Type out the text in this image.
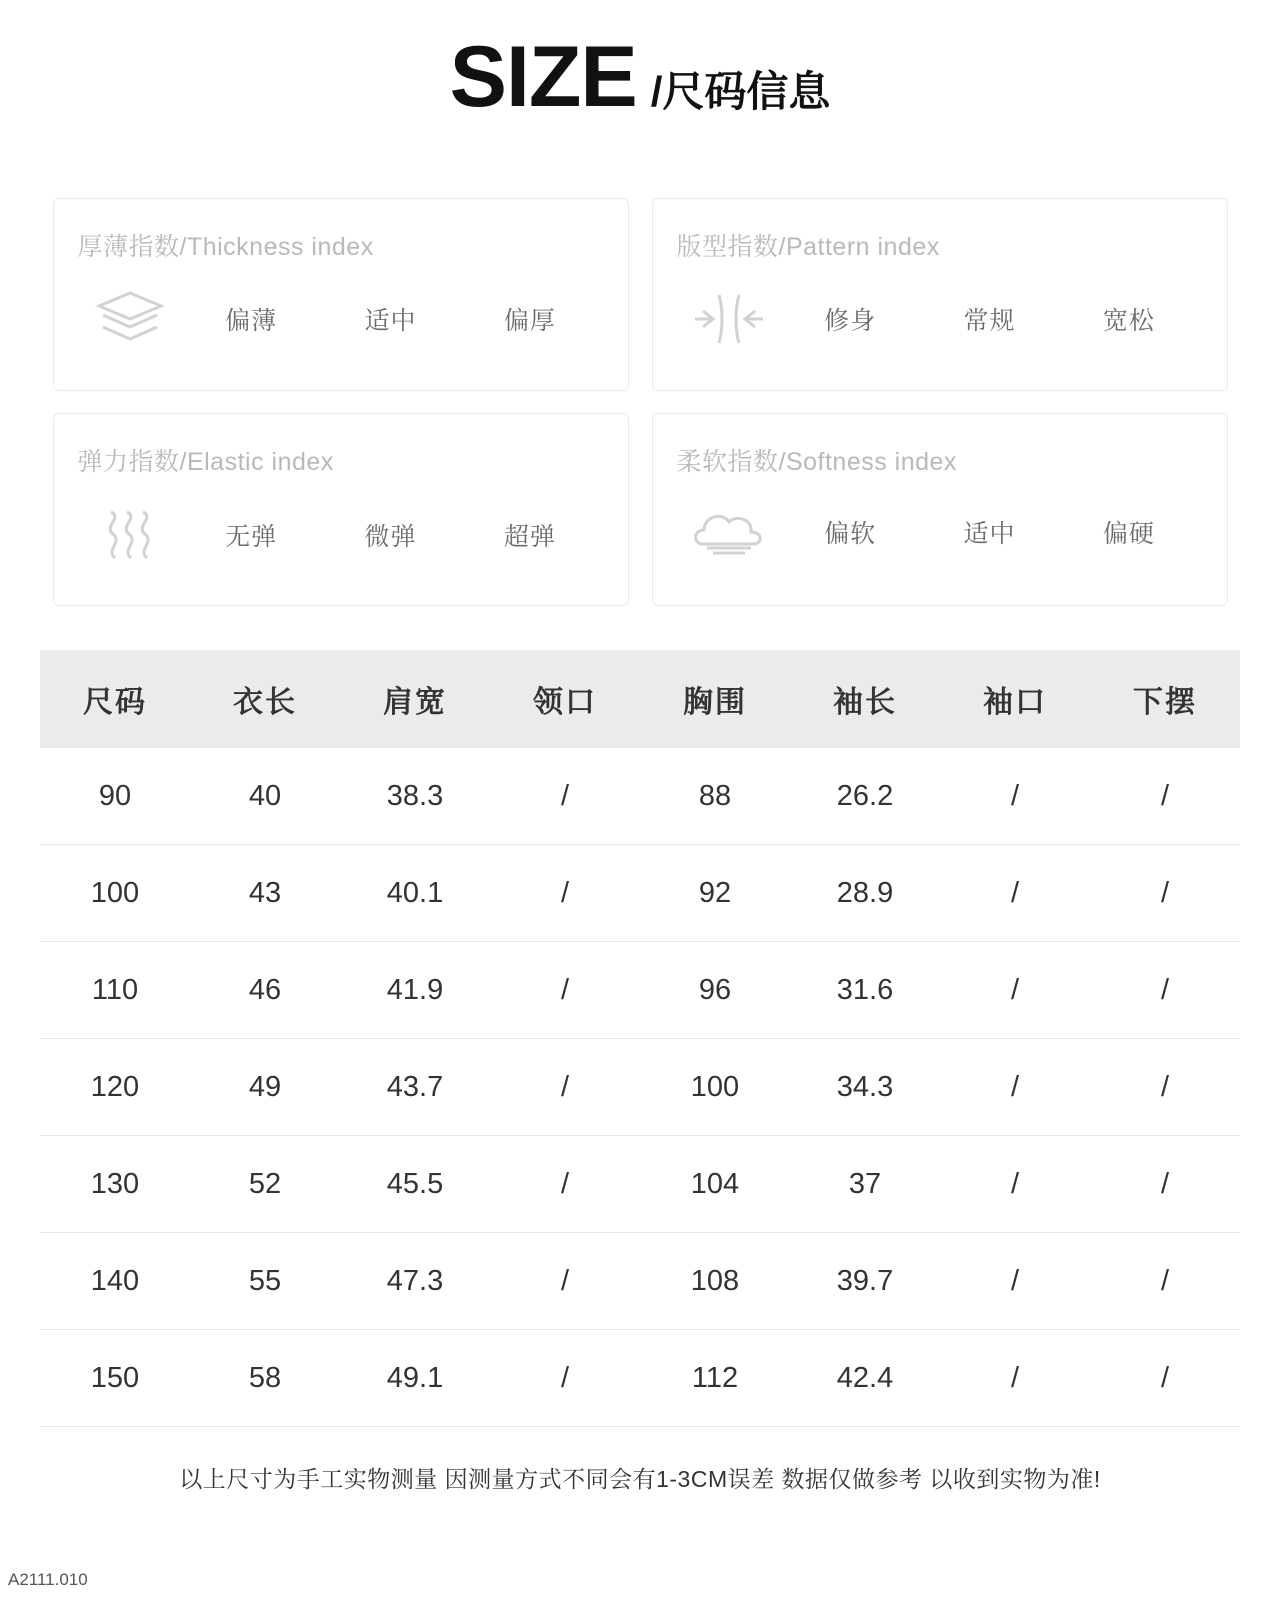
SIZE /尺码信息
厚薄指数/Thickness index
偏薄	适中	偏厚
版型指数/Pattern index
修身	常规	宽松
弹力指数/Elastic index
无弹	微弹	超弹
柔软指数/Softness index
偏软	适中	偏硬
尺码	衣长	肩宽	领口	胸围	袖长	袖口	下摆
90	40	38.3	/	88	26.2	/	/
100	43	40.1	/	92	28.9	/	/
110	46	41.9	/	96	31.6	/	/
120	49	43.7	/	100	34.3	/	/
130	52	45.5	/	104	37	/	/
140	55	47.3	/	108	39.7	/	/
150	58	49.1	/	112	42.4	/	/
以上尺寸为手工实物测量 因测量方式不同会有1-3CM误差 数据仅做参考 以收到实物为准!
A2111.010
